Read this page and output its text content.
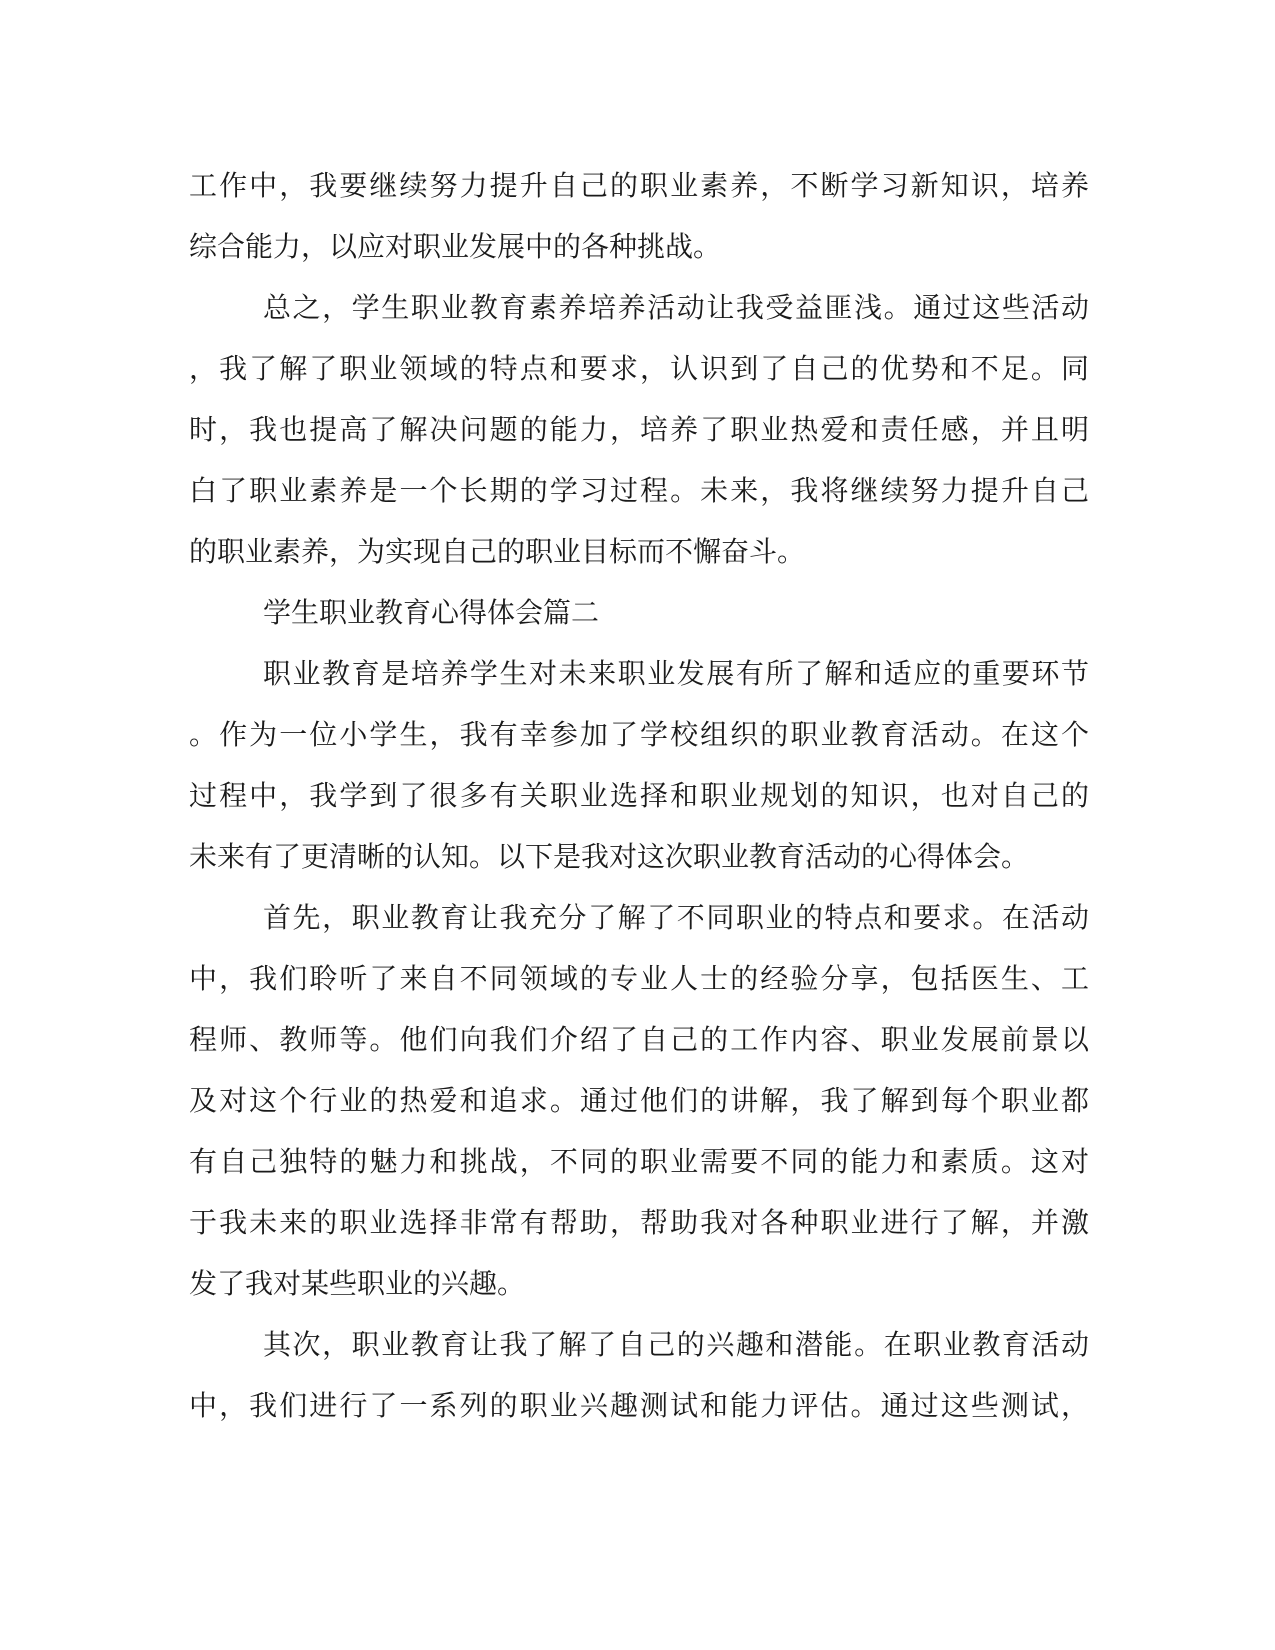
工作中，我要继续努力提升自己的职业素养，不断学习新知识，培养
综合能力，以应对职业发展中的各种挑战。
总之，学生职业教育素养培养活动让我受益匪浅。通过这些活动
，我了解了职业领域的特点和要求，认识到了自己的优势和不足。同
时，我也提高了解决问题的能力，培养了职业热爱和责任感，并且明
白了职业素养是一个长期的学习过程。未来，我将继续努力提升自己
的职业素养，为实现自己的职业目标而不懈奋斗。
学生职业教育心得体会篇二
职业教育是培养学生对未来职业发展有所了解和适应的重要环节
。作为一位小学生，我有幸参加了学校组织的职业教育活动。在这个
过程中，我学到了很多有关职业选择和职业规划的知识，也对自己的
未来有了更清晰的认知。以下是我对这次职业教育活动的心得体会。
首先，职业教育让我充分了解了不同职业的特点和要求。在活动
中，我们聆听了来自不同领域的专业人士的经验分享，包括医生、工
程师、教师等。他们向我们介绍了自己的工作内容、职业发展前景以
及对这个行业的热爱和追求。通过他们的讲解，我了解到每个职业都
有自己独特的魅力和挑战，不同的职业需要不同的能力和素质。这对
于我未来的职业选择非常有帮助，帮助我对各种职业进行了解，并激
发了我对某些职业的兴趣。
其次，职业教育让我了解了自己的兴趣和潜能。在职业教育活动
中，我们进行了一系列的职业兴趣测试和能力评估。通过这些测试，
